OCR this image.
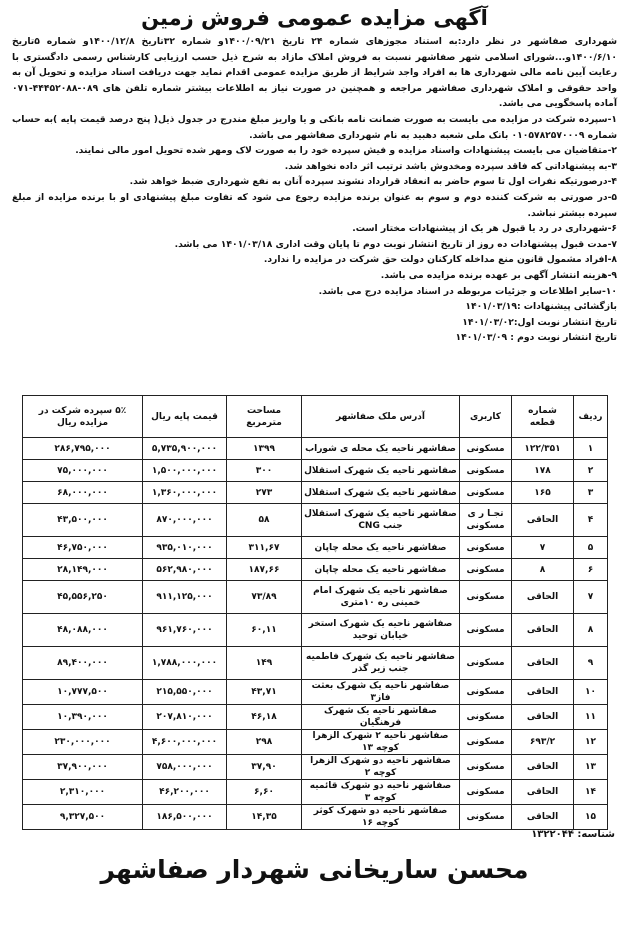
آگهی مزایده عمومی فروش زمین

شهرداری صفاشهر در نظر دارد:به استناد مجوزهای شماره ۲۴ تاریخ ۱۴۰۰/۰۹/۲۱و شماره ۳۲تاریخ ۱۴۰۰/۱۲/۸و شماره ۵تاریخ ۱۴۰۰/۶/۱۰و...شورای اسلامی شهر صفاشهر نسبت به فروش املاک مازاد به شرح ذیل حسب ارزیابی کارشناس رسمی دادگستری با رعایت آیین نامه مالی شهرداری ها به افراد واجد شرایط از طریق مزایده عمومی اقدام نماید جهت دریافت اسناد مزایده و تحویل آن به واحد حقوقی و املاک شهرداری صفاشهر مراجعه و همچنین در صورت نیاز به اطلاعات بیشتر شماره تلفن های ۰۸۹-۴۴۴۵۲۰۸۸-۰۷۱ آماده پاسخگویی می باشد.

۱-سپرده شرکت در مزایده می بایست به صورت ضمانت نامه بانکی و یا واریز مبلغ مندرج در جدول ذیل( پنج درصد قیمت پایه )به حساب شماره ۰۱۰۵۷۸۲۵۷۰۰۰۹ بانک ملی شعبه دهبید به نام شهرداری صفاشهر می باشد.

۲-متقاضیان می بایست پیشنهادات واسناد مزایده و فیش سپرده خود را به صورت لاک ومهر شده تحویل امور مالی نمایند.

۳-به پیشنهاداتی که فاقد سپرده ومخدوش باشد ترتیب اثر داده نخواهد شد.

۴-درصورتیکه نفرات اول تا سوم حاضر به انعقاد قرارداد نشوند سپرده آنان به نفع شهرداری ضبط خواهد شد.

۵-در صورتی به شرکت کننده دوم و سوم به عنوان برنده مزایده رجوع می شود که تفاوت مبلغ پیشنهادی او با برنده مزایده از مبلغ سپرده بیشتر نباشد.

۶-شهرداری در رد یا قبول هر یک از پیشنهادات مختار است.

۷-مدت قبول پیشنهادات ده روز از تاریخ انتشار نوبت دوم تا پایان وقت اداری ۱۴۰۱/۰۳/۱۸ می باشد.

۸-افراد مشمول قانون منع مداخله کارکنان دولت حق شرکت در مزایده را ندارد.

۹-هزینه انتشار آگهی بر عهده برنده مزایده می باشد.

۱۰-سایر اطلاعات و جزئیات مربوطه در اسناد مزایده درج می باشد.

بازگشائی پیشنهادات :۱۴۰۱/۰۳/۱۹
تاریخ انتشار نوبت اول:۱۴۰۱/۰۳/۰۲
تاریخ انتشار نوبت دوم : ۱۴۰۱/۰۳/۰۹
ردیف	شماره قطعه	کاربری	آدرس ملک صفاشهر	مساحت مترمربع	قیمت پایه ریال	۵٪ سپرده شرکت در مزایده ریال
۱	۱۲۲/۳۵۱	مسکونی	صفاشهر ناحیه یک محله ی شوراب	۱۳۹۹	۵,۷۳۵,۹۰۰,۰۰۰	۲۸۶,۷۹۵,۰۰۰
۲	۱۷۸	مسکونی	صفاشهر ناحیه یک شهرک استقلال	۳۰۰	۱,۵۰۰,۰۰۰,۰۰۰	۷۵,۰۰۰,۰۰۰
۳	۱۶۵	مسکونی	صفاشهر ناحیه یک شهرک استقلال	۲۷۳	۱,۳۶۰,۰۰۰,۰۰۰	۶۸,۰۰۰,۰۰۰
۴	الحاقی	تجـا ر ی مسکونی	صفاشهر ناحیه یک شهرک استقلال جنب CNG	۵۸	۸۷۰,۰۰۰,۰۰۰	۴۳,۵۰۰,۰۰۰
۵	۷	مسکونی	صفاشهر ناحیه یک محله چاپان	۳۱۱,۶۷	۹۳۵,۰۱۰,۰۰۰	۴۶,۷۵۰,۰۰۰
۶	۸	مسکونی	صفاشهر ناحیه یک محله چاپان	۱۸۷,۶۶	۵۶۲,۹۸۰,۰۰۰	۲۸,۱۴۹,۰۰۰
۷	الحاقی	مسکونی	صفاشهر ناحیه یک شهرک امام خمینی ره ۱۰متری	۷۳/۸۹	۹۱۱,۱۲۵,۰۰۰	۴۵,۵۵۶,۲۵۰
۸	الحاقی	مسکونی	صفاشهر ناحیه یک شهرک استخر خیابان توحید	۶۰,۱۱	۹۶۱,۷۶۰,۰۰۰	۴۸,۰۸۸,۰۰۰
۹	الحاقی	مسکونی	صفاشهر ناحیه یک شهرک فاطمیه جنب زیر گذر	۱۴۹	۱,۷۸۸,۰۰۰,۰۰۰	۸۹,۴۰۰,۰۰۰
۱۰	الحاقی	مسکونی	صفاشهر ناحیه یک شهرک بعثت فاز۳	۴۳,۷۱	۲۱۵,۵۵۰,۰۰۰	۱۰,۷۷۷,۵۰۰
۱۱	الحاقی	مسکونی	صفاشهر ناحیه یک شهرک فرهنگیان	۴۶,۱۸	۲۰۷,۸۱۰,۰۰۰	۱۰,۳۹۰,۰۰۰
۱۲	۶۹۳/۲	مسکونی	صفاشهر ناحیه ۲ شهرک الزهرا کوچه ۱۳	۲۹۸	۴,۶۰۰,۰۰۰,۰۰۰	۲۳۰,۰۰۰,۰۰۰
۱۳	الحاقی	مسکونی	صفاشهر ناحیه دو شهرک الزهرا کوچه ۲	۳۷,۹۰	۷۵۸,۰۰۰,۰۰۰	۳۷,۹۰۰,۰۰۰
۱۴	الحاقی	مسکونی	صفاشهر ناحیه دو شهرک قائمیه کوچه ۳	۶,۶۰	۴۶,۲۰۰,۰۰۰	۲,۳۱۰,۰۰۰
۱۵	الحاقی	مسکونی	صفاشهر ناحیه دو شهرک کوثر کوچه ۱۶	۱۴,۳۵	۱۸۶,۵۰۰,۰۰۰	۹,۳۲۷,۵۰۰
شناسه: ۱۳۲۲۰۴۴
محسن ساریخانی شهردار صفاشهر
